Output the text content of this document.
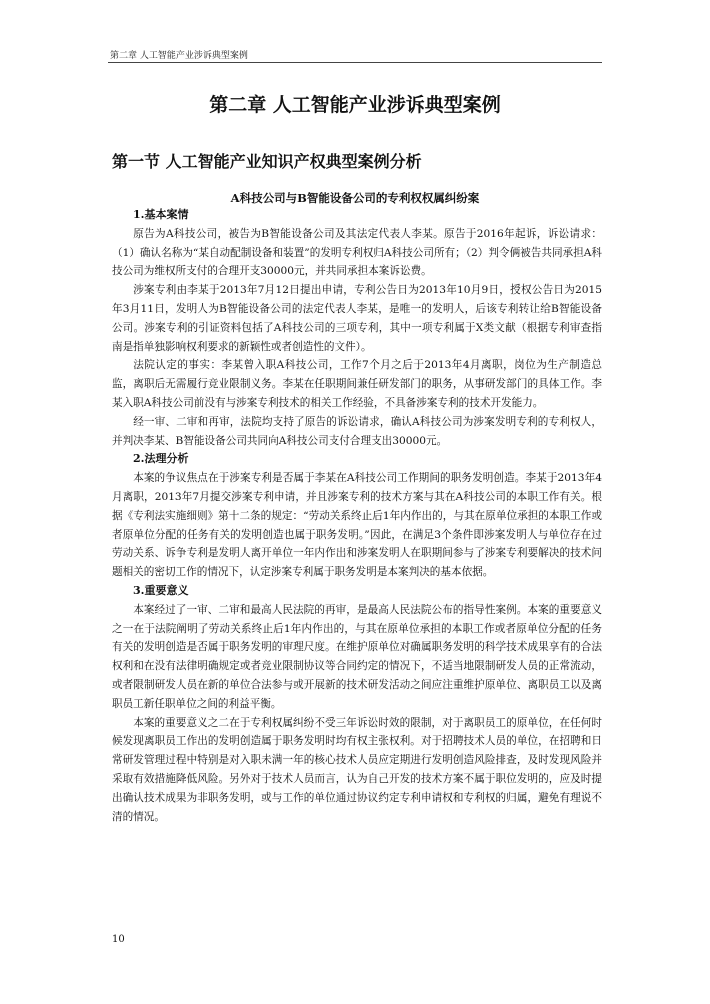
第二章 人工智能产业涉诉典型案例
第二章 人工智能产业涉诉典型案例
第一节 人工智能产业知识产权典型案例分析
A科技公司与B智能设备公司的专利权权属纠纷案
1.基本案情

原告为A科技公司，被告为B智能设备公司及其法定代表人李某。原告于2016年起诉，诉讼请求：（1）确认名称为“某自动配制设备和装置”的发明专利权归A科技公司所有；（2）判令俩被告共同承担A科技公司为维权所支付的合理开支30000元，并共同承担本案诉讼费。

涉案专利由李某于2013年7月12日提出申请，专利公告日为2013年10月9日，授权公告日为2015年3月11日，发明人为B智能设备公司的法定代表人李某，是唯一的发明人，后该专利转让给B智能设备公司。涉案专利的引证资料包括了A科技公司的三项专利，其中一项专利属于X类文献（根据专利审查指南是指单独影响权利要求的新颖性或者创造性的文件）。

法院认定的事实：李某曾入职A科技公司，工作7个月之后于2013年4月离职，岗位为生产制造总监，离职后无需履行竞业限制义务。李某在任职期间兼任研发部门的职务，从事研发部门的具体工作。李某入职A科技公司前没有与涉案专利技术的相关工作经验，不具备涉案专利的技术开发能力。

经一审、二审和再审，法院均支持了原告的诉讼请求，确认A科技公司为涉案发明专利的专利权人，并判决李某、B智能设备公司共同向A科技公司支付合理支出30000元。

2.法理分析

本案的争议焦点在于涉案专利是否属于李某在A科技公司工作期间的职务发明创造。李某于2013年4月离职，2013年7月提交涉案专利申请，并且涉案专利的技术方案与其在A科技公司的本职工作有关。根据《专利法实施细则》第十二条的规定：“劳动关系终止后1年内作出的，与其在原单位承担的本职工作或者原单位分配的任务有关的发明创造也属于职务发明。”因此，在满足3个条件即涉案发明人与单位存在过劳动关系、诉争专利是发明人离开单位一年内作出和涉案发明人在职期间参与了涉案专利要解决的技术问题相关的密切工作的情况下，认定涉案专利属于职务发明是本案判决的基本依据。

3.重要意义

本案经过了一审、二审和最高人民法院的再审，是最高人民法院公布的指导性案例。本案的重要意义之一在于法院阐明了劳动关系终止后1年内作出的，与其在原单位承担的本职工作或者原单位分配的任务有关的发明创造是否属于职务发明的审理尺度。在维护原单位对确属职务发明的科学技术成果享有的合法权利和在没有法律明确规定或者竞业限制协议等合同约定的情况下，不适当地限制研发人员的正常流动，或者限制研发人员在新的单位合法参与或开展新的技术研发活动之间应注重维护原单位、离职员工以及离职员工新任职单位之间的利益平衡。

本案的重要意义之二在于专利权属纠纷不受三年诉讼时效的限制，对于离职员工的原单位，在任何时候发现离职员工作出的发明创造属于职务发明时均有权主张权利。对于招聘技术人员的单位，在招聘和日常研发管理过程中特别是对入职未满一年的核心技术人员应定期进行发明创造风险排查，及时发现风险并采取有效措施降低风险。另外对于技术人员而言，认为自己开发的技术方案不属于职位发明的，应及时提出确认技术成果为非职务发明，或与工作的单位通过协议约定专利申请权和专利权的归属，避免有理说不清的情况。

10
